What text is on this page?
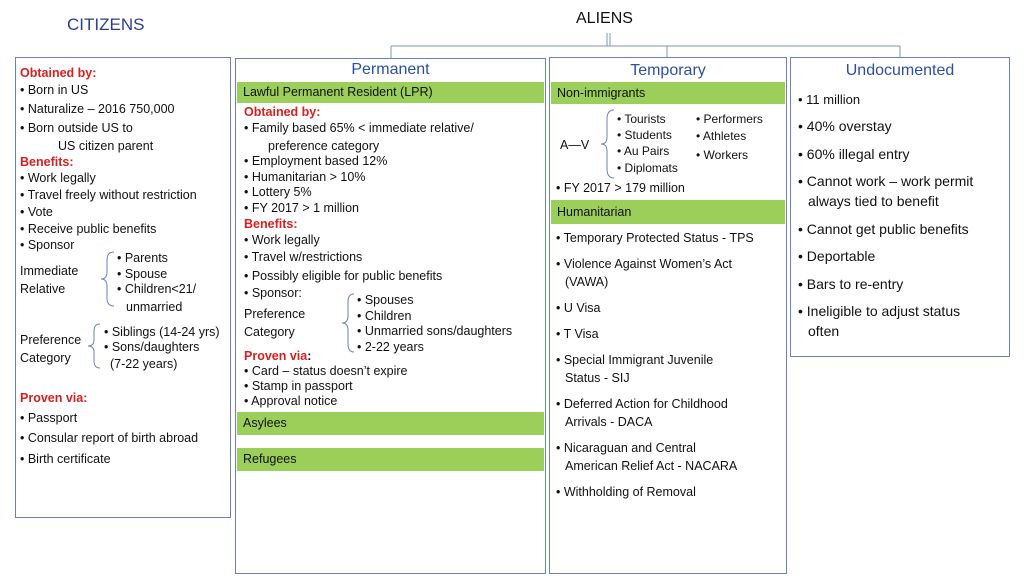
CITIZENS	ALIENS
Obtained by:
• Born in US
• Naturalize – 2016 750,000
• Born outside US to
US citizen parent
Benefits:
• Work legally
• Travel freely without restriction
• Vote
• Receive public benefits
• Sponsor
Immediate
Relative
• Parents
• Spouse
• Children<21/
unmarried
Preference
Category
• Siblings (14-24 yrs)
• Sons/daughters
(7-22 years)
Proven via:
• Passport
• Consular report of birth abroad
• Birth certificate
Permanent
Lawful Permanent Resident (LPR)
Obtained by:
• Family based 65% < immediate relative/
preference category
• Employment based 12%
• Humanitarian > 10%
• Lottery 5%
• FY 2017 > 1 million
Benefits:
• Work legally
• Travel w/restrictions
• Possibly eligible for public benefits
• Sponsor:
Preference
Category
• Spouses
• Children
• Unmarried sons/daughters
• 2-22 years
Proven via:
• Card – status doesn’t expire
• Stamp in passport
• Approval notice
Asylees
Refugees
Temporary
Non-immigrants
A—V
• Tourists
• Students
• Au Pairs
• Diplomats
• Performers
• Athletes
• Workers
• FY 2017 > 179 million
Humanitarian
• Temporary Protected Status - TPS
• Violence Against Women’s Act
(VAWA)
• U Visa
• T Visa
• Special Immigrant Juvenile
Status - SIJ
• Deferred Action for Childhood
Arrivals - DACA
• Nicaraguan and Central
American Relief Act - NACARA
• Withholding of Removal
Undocumented
• 11 million
• 40% overstay
• 60% illegal entry
• Cannot work – work permit
always tied to benefit
• Cannot get public benefits
• Deportable
• Bars to re-entry
• Ineligible to adjust status
often
